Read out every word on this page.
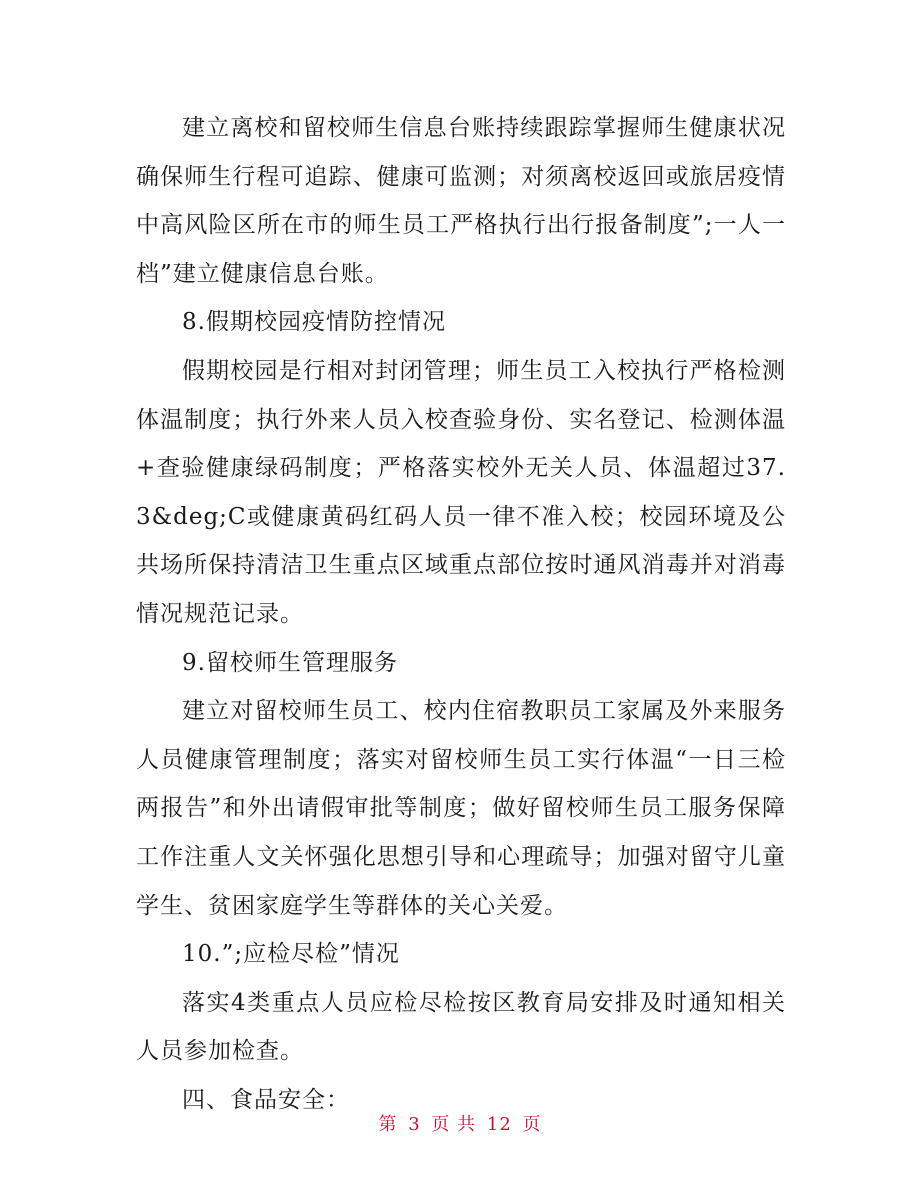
建立离校和留校师生信息台账持续跟踪掌握师生健康状况确保师生行程可追踪、健康可监测；对须离校返回或旅居疫情中高风险区所在市的师生员工严格执行出行报备制度”;一人一档”建立健康信息台账。

8.假期校园疫情防控情况

假期校园是行相对封闭管理；师生员工入校执行严格检测体温制度；执行外来人员入校查验身份、实名登记、检测体温+查验健康绿码制度；严格落实校外无关人员、体温超过37.3&deg;C或健康黄码红码人员一律不准入校；校园环境及公共场所保持清洁卫生重点区域重点部位按时通风消毒并对消毒情况规范记录。

9.留校师生管理服务

建立对留校师生员工、校内住宿教职员工家属及外来服务人员健康管理制度；落实对留校师生员工实行体温“一日三检两报告”和外出请假审批等制度；做好留校师生员工服务保障工作注重人文关怀强化思想引导和心理疏导；加强对留守儿童学生、贫困家庭学生等群体的关心关爱。

10.”;应检尽检”情况

落实4类重点人员应检尽检按区教育局安排及时通知相关人员参加检查。

四、食品安全：

第 3 页 共 12 页
